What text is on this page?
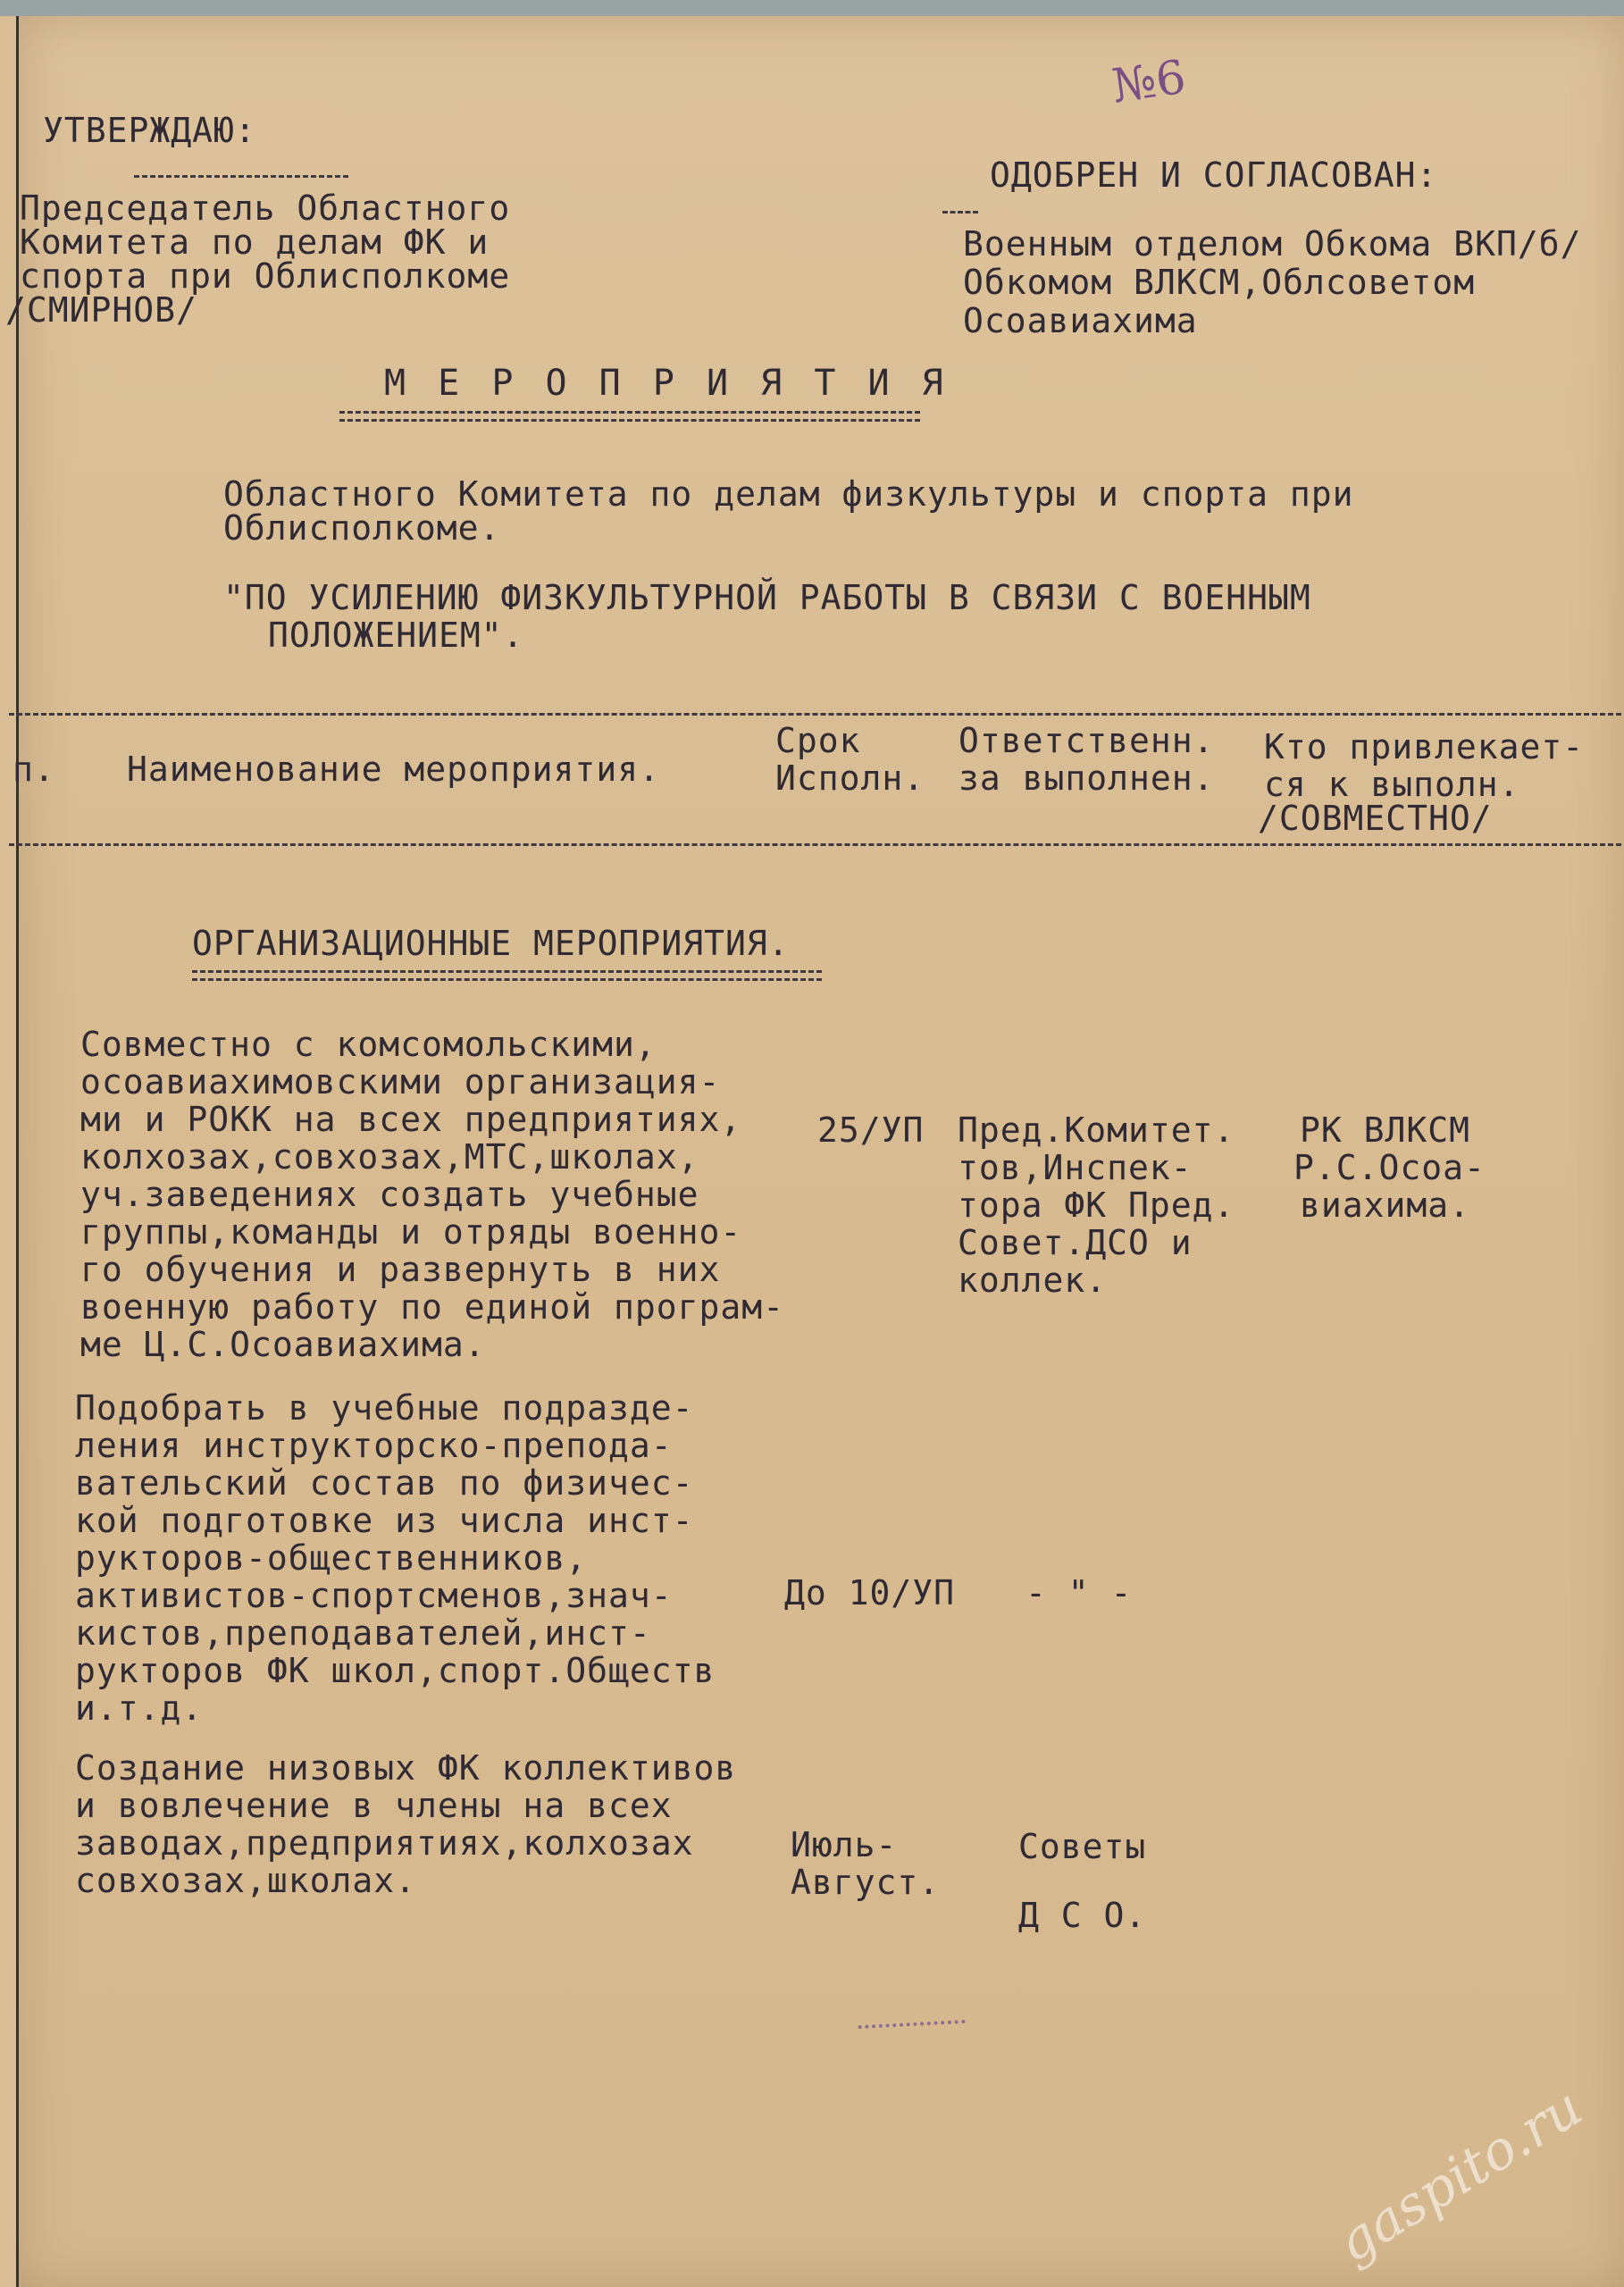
№6
УТВЕРЖДАЮ:
Председатель Областного
Комитета по делам ФК и
спорта при Облисполкоме
/СМИРНОВ/
ОДОБРЕН И СОГЛАСОВАН:
Военным отделом Обкома ВКП/б/
Обкомом ВЛКСМ,Облсоветом
Осоавиахима
М Е Р О П Р И Я Т И Я
Областного Комитета по делам физкультуры и спорта при
Облисполкоме.
"ПО УСИЛЕНИЮ ФИЗКУЛЬТУРНОЙ РАБОТЫ В СВЯЗИ С ВОЕННЫМ
ПОЛОЖЕНИЕМ".
п. Наименование мероприятия.
Срок
Исполн.
Ответственн.
за выполнен.
Кто привлекает-
ся к выполн.
/СОВМЕСТНО/
ОРГАНИЗАЦИОННЫЕ МЕРОПРИЯТИЯ.
Совместно с комсомольскими,
осоавиахимовскими организация-
ми и РОКК на всех предприятиях,
колхозах,совхозах,МТС,школах,
уч.заведениях создать учебные
группы,команды и отряды военно-
го обучения и развернуть в них
военную работу по единой програм-
ме Ц.С.Осоавиахима.
25/УП Пред.Комитет.
тов,Инспек-
тора ФК Пред.
Совет.ДСО и
коллек.
РК ВЛКСМ
Р.С.Осоа-
виахима.
Подобрать в учебные подразде-
ления инструкторско-препода-
вательский состав по физичес-
кой подготовке из числа инст-
рукторов-общественников,
активистов-спортсменов,знач-
кистов,преподавателей,инст-
рукторов ФК школ,спорт.Обществ
и.т.д.
До 10/УП - " -
Создание низовых ФК коллективов
и вовлечение в члены на всех
заводах,предприятиях,колхозах
совхозах,школах.
Июль-
Август.
Советы
Д С О.
gaspito.ru
